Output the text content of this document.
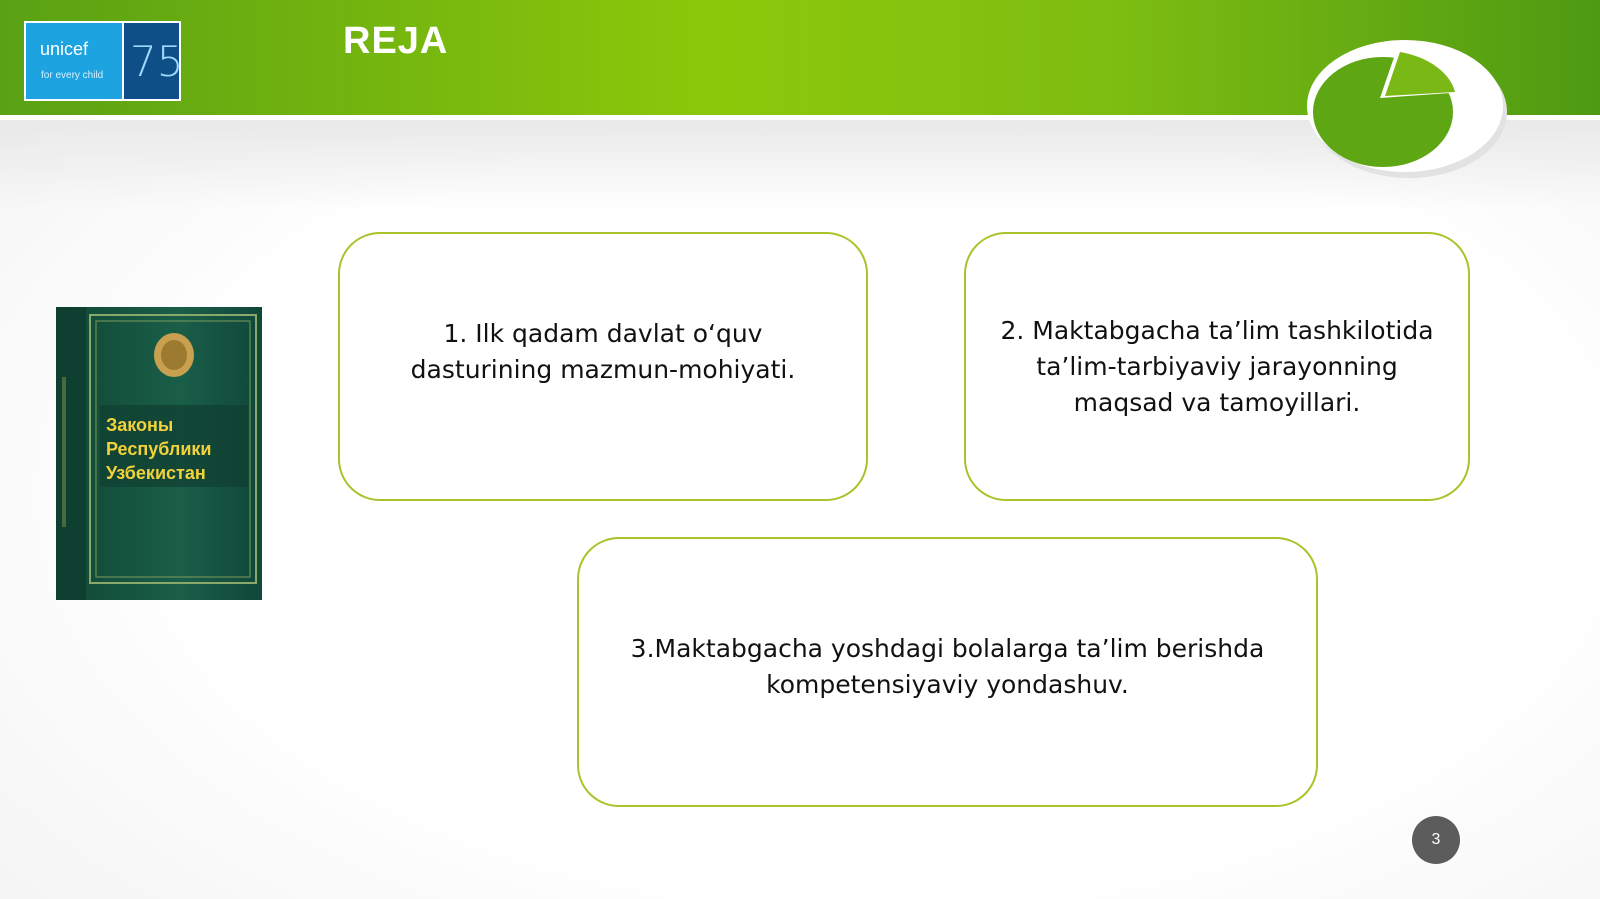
unicef
for every child 75	REJA
Законы
Республики
Узбекистан
1. Ilk qadam davlat o‘quv dasturining mazmun-mohiyati.
2. Maktabgacha ta’lim tashkilotida ta’lim-tarbiyaviy jarayonning maqsad va tamoyillari.
3.Maktabgacha yoshdagi bolalarga ta’lim berishda kompetensiyaviy yondashuv.
3
